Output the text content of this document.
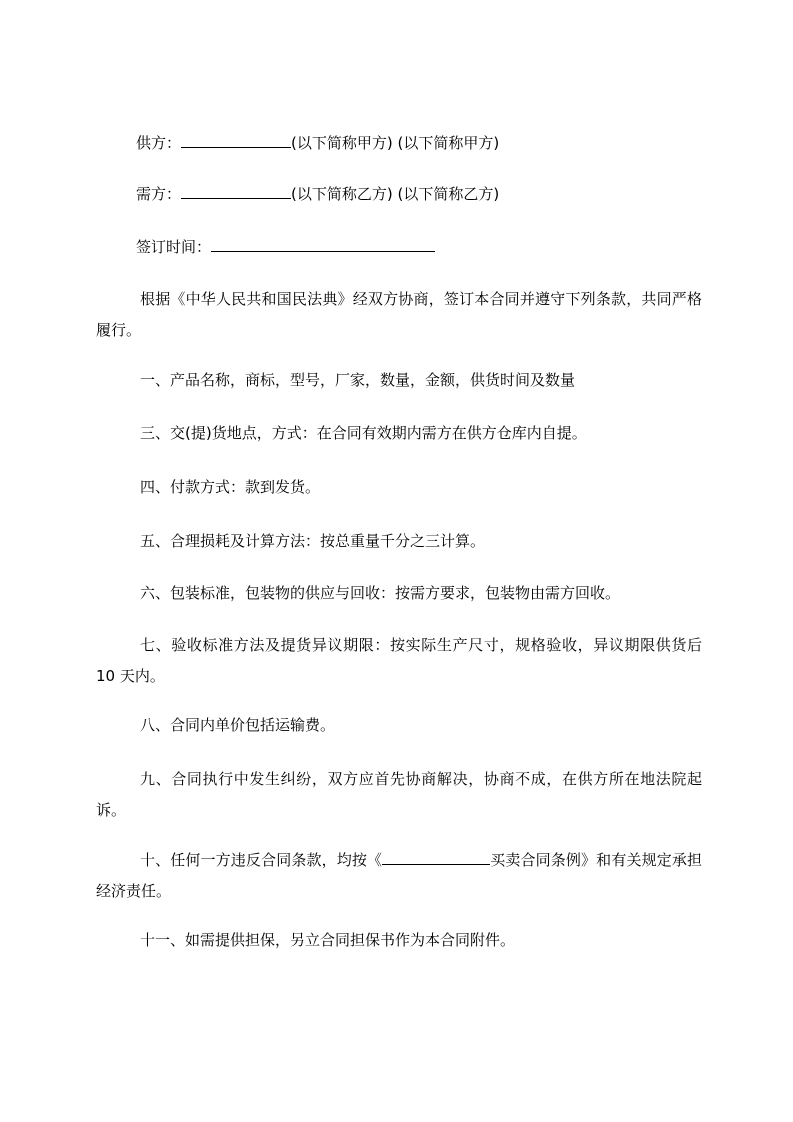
供方：	(以下简称甲方) (以下简称甲方)
需方：	(以下简称乙方) (以下简称乙方)
签订时间：
根据《中华人民共和国民法典》经双方协商，签订本合同并遵守下列条款，共同严格履行。
一、产品名称，商标，型号，厂家，数量，金额，供货时间及数量
三、交(提)货地点，方式：在合同有效期内需方在供方仓库内自提。
四、付款方式：款到发货。
五、合理损耗及计算方法：按总重量千分之三计算。
六、包装标准，包装物的供应与回收：按需方要求，包装物由需方回收。
七、验收标准方法及提货异议期限：按实际生产尺寸，规格验收，异议期限供货后 10 天内。
八、合同内单价包括运输费。
九、合同执行中发生纠纷，双方应首先协商解决，协商不成，在供方所在地法院起诉。
十、任何一方违反合同条款，均按《	买卖合同条例》和有关规定承担经济责任。
十一、如需提供担保，另立合同担保书作为本合同附件。
